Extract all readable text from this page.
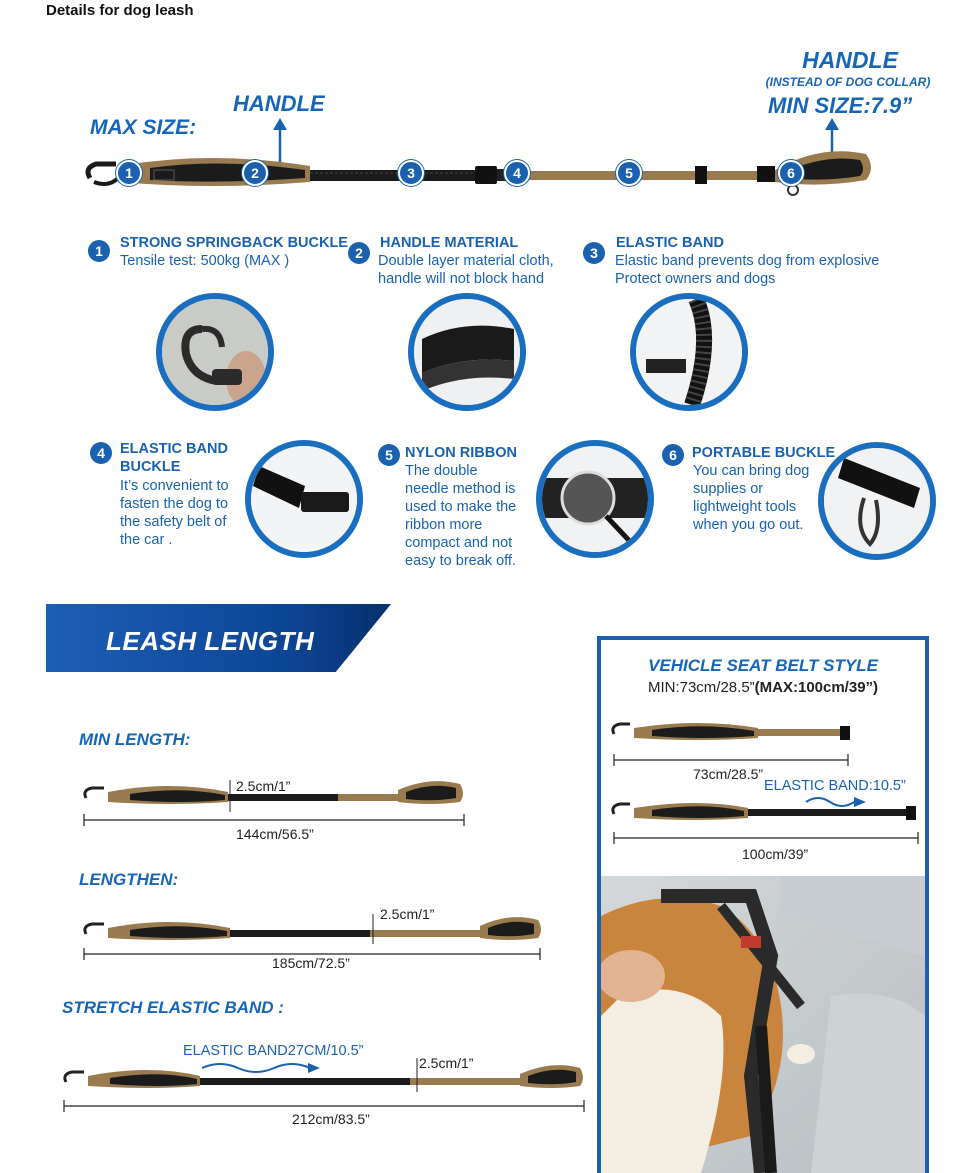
Details for dog leash
HANDLE
MAX SIZE:
HANDLE
(INSTEAD OF DOG COLLAR)
MIN SIZE:7.9”
1	2	3	4	5	6
1	STRONG SPRINGBACK BUCKLE
Tensile test: 500kg (MAX )	2
HANDLE MATERIAL
Double layer material cloth,
handle will not block hand
3
ELASTIC BAND
Elastic band prevents dog from explosive
Protect owners and dogs
4	ELASTIC BAND
BUCKLE
It’s convenient to
fasten the dog to
the safety belt of
the car .
5 NYLON RIBBON
The double
needle method is
used to make the
ribbon more
compact and not
easy to break off.
6	PORTABLE BUCKLE
You can bring dog
supplies or
lightweight tools
when you go out.
LEASH LENGTH
MIN LENGTH:
2.5cm/1”
144cm/56.5”
LENGTHEN:
2.5cm/1”
185cm/72.5”
STRETCH ELASTIC BAND :
ELASTIC BAND27CM/10.5”
2.5cm/1”
212cm/83.5”
VEHICLE SEAT BELT STYLE
MIN:73cm/28.5”(MAX:100cm/39”)
73cm/28.5”
ELASTIC BAND:10.5”
100cm/39”
